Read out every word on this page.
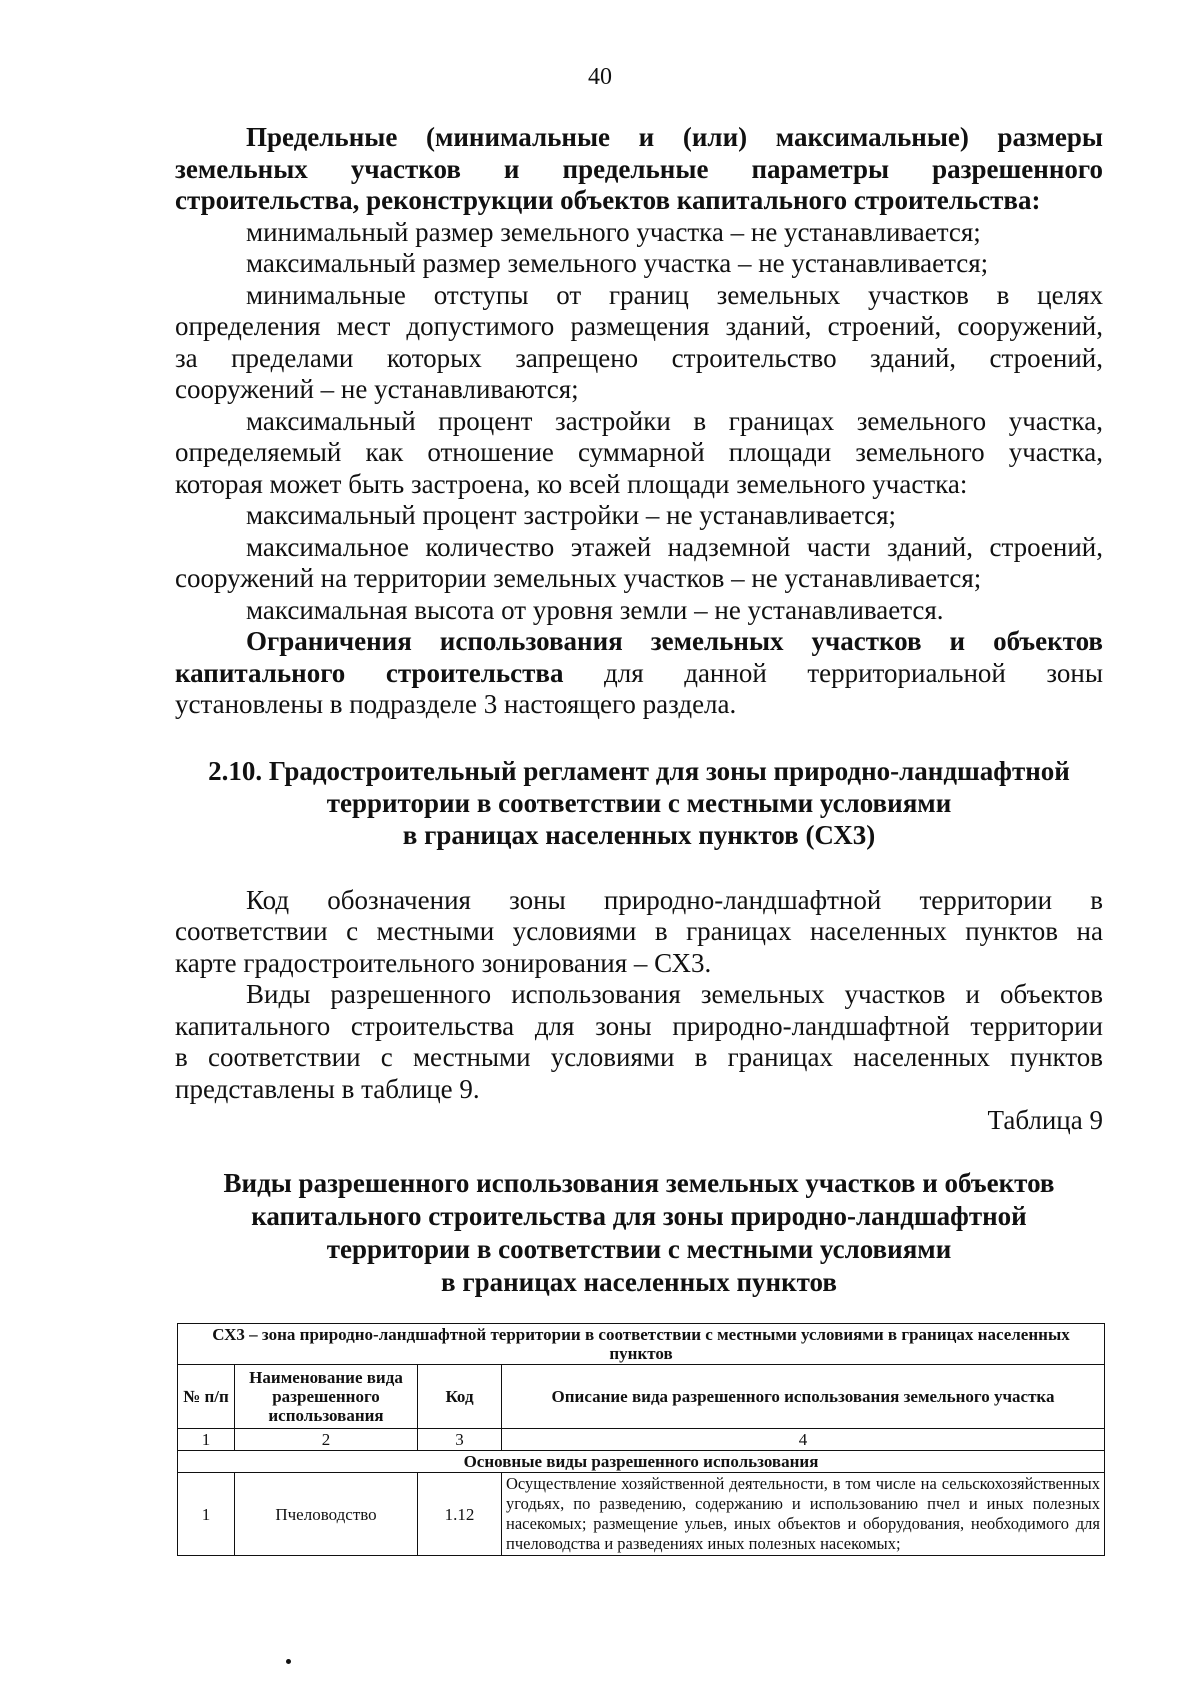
40

Предельные (минимальные и (или) максимальные) размеры

земельных участков и предельные параметры разрешенного

строительства, реконструкции объектов капитального строительства:

минимальный размер земельного участка – не устанавливается;

максимальный размер земельного участка – не устанавливается;

минимальные отступы от границ земельных участков в целях

определения мест допустимого размещения зданий, строений, сооружений,

за пределами которых запрещено строительство зданий, строений,

сооружений – не устанавливаются;

максимальный процент застройки в границах земельного участка,

определяемый как отношение суммарной площади земельного участка,

которая может быть застроена, ко всей площади земельного участка:

максимальный процент застройки – не устанавливается;

максимальное количество этажей надземной части зданий, строений,

сооружений на территории земельных участков – не устанавливается;

максимальная высота от уровня земли – не устанавливается.

Ограничения использования земельных участков и объектов

капитального строительства для данной территориальной зоны

установлены в подразделе 3 настоящего раздела.

2.10. Градостроительный регламент для зоны природно-ландшафтной
территории в соответствии с местными условиями
в границах населенных пунктов (СХ3)

Код обозначения зоны природно-ландшафтной территории в

соответствии с местными условиями в границах населенных пунктов на

карте градостроительного зонирования – СХ3.

Виды разрешенного использования земельных участков и объектов

капитального строительства для зоны природно-ландшафтной территории

в соответствии с местными условиями в границах населенных пунктов

представлены в таблице 9.

Таблица 9

Виды разрешенного использования земельных участков и объектов
капитального строительства для зоны природно-ландшафтной
территории в соответствии с местными условиями
в границах населенных пунктов
СХ3 – зона природно-ландшафтной территории в соответствии с местными условиями в границах населенных пунктов			
№ п/п	Наименование вида разрешенного использования	Код	Описание вида разрешенного использования земельного участка
1	2	3	4
Основные виды разрешенного использования			
1	Пчеловодство	1.12	Осуществление хозяйственной деятельности, в том числе на сельскохозяйственных угодьях, по разведению, содержанию и использованию пчел и иных полезных насекомых; размещение ульев, иных объектов и оборудования, необходимого для пчеловодства и разведениях иных полезных насекомых;
